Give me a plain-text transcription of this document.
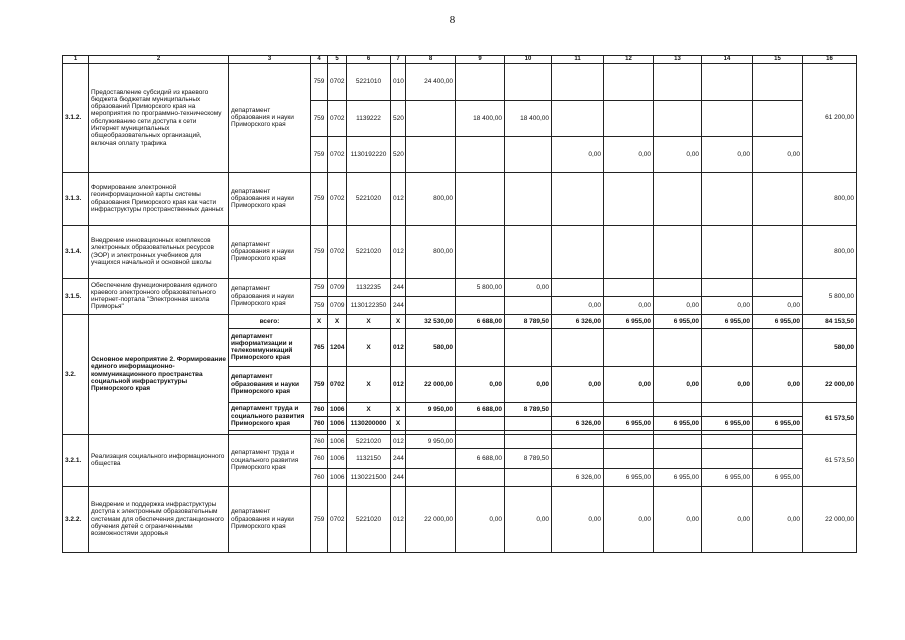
8
1	2	3	4	5	6	7	8	9	10	11	12	13	14	15	16
3.1.2.	Предоставление субсидий из краевого бюджета бюджетам муниципальных образований Приморского края на мероприятия по программно-техническому обслуживанию сети доступа к сети Интернет муниципальных общеобразовательных организаций, включая оплату трафика	департамент образования и науки Приморского края	759	0702	5221010	010	24 400,00								61 200,00
			759	0702	1139222	520		18 400,00	18 400,00						
			759	0702	1130192220	520				0,00	0,00	0,00	0,00	0,00	
3.1.3.	Формирование электронной геоинформационной карты системы образования Приморского края как части инфраструктуры пространственных данных	департамент образования и науки Приморского края	759	0702	5221020	012	800,00								800,00
3.1.4.	Внедрение инновационных комплексов электронных образовательных ресурсов (ЭОР) и электронных учебников для учащихся начальной и основной школы	департамент образования и науки Приморского края	759	0702	5221020	012	800,00								800,00
3.1.5.	Обеспечение функционирования единого краевого электронного образовательного интернет-портала "Электронная школа Приморья"	департамент образования и науки Приморского края	759	0709	1132235	244		5 800,00	0,00						5 800,00
			759	0709	1130122350	244				0,00	0,00	0,00	0,00	0,00	
3.2.	Основное мероприятие 2. Формирование единого информационно-коммуникационного пространства социальной инфраструктуры Приморского края	всего:	X	X	X	X	32 530,00	6 688,00	8 789,50	6 326,00	6 955,00	6 955,00	6 955,00	6 955,00	84 153,50
		департамент информатизации и телекоммуникаций Приморского края	765	1204	X	012	580,00								580,00
		департамент образования и науки Приморского края	759	0702	X	012	22 000,00	0,00	0,00	0,00	0,00	0,00	0,00	0,00	22 000,00
		департамент труда и социального развития Приморского края	760	1006	X	X	9 950,00	6 688,00	8 789,50						61 573,50
			760	1006	1130200000	X				6 326,00	6 955,00	6 955,00	6 955,00	6 955,00	

3.2.1.	Реализация социального информационного общества	департамент труда и социального развития Приморского края	760	1006	5221020	012	9 950,00								61 573,50
			760	1006	1132150	244		6 688,00	8 789,50						
			760	1006	1130221500	244				6 326,00	6 955,00	6 955,00	6 955,00	6 955,00	
3.2.2.	Внедрение и поддержка инфраструктуры доступа к электронным образовательным системам для обеспечения дистанционного обучения детей с ограниченными возможностями здоровья	департамент образования и науки Приморского края	759	0702	5221020	012	22 000,00	0,00	0,00	0,00	0,00	0,00	0,00	0,00	22 000,00
